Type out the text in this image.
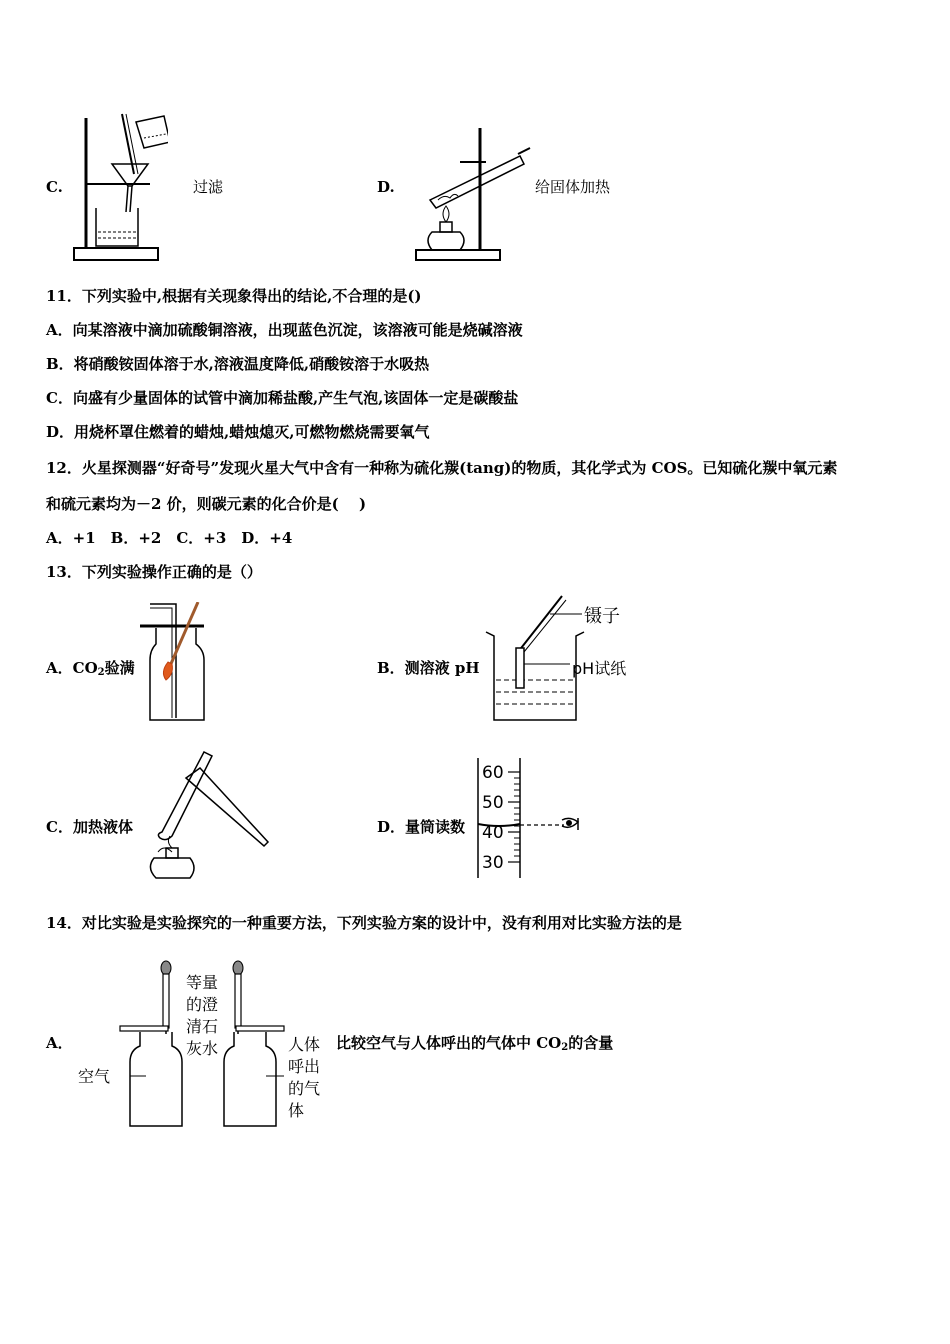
C.	过滤	D.	给固体加热
11．下列实验中,根据有关现象得出的结论,不合理的是()
A．向某溶液中滴加硫酸铜溶液，出现蓝色沉淀，该溶液可能是烧碱溶液
B．将硝酸铵固体溶于水,溶液温度降低,硝酸铵溶于水吸热
C．向盛有少量固体的试管中滴加稀盐酸,产生气泡,该固体一定是碳酸盐
D．用烧杯罩住燃着的蜡烛,蜡烛熄灭,可燃物燃烧需要氧气
12．火星探测器“好奇号”发现火星大气中含有一种称为硫化羰(tang)的物质，其化学式为 COS。已知硫化羰中氧元素
和硫元素均为－2 价，则碳元素的化合价是(　 )
A．+1　B．+2　C．+3　D．+4
13．下列实验操作正确的是（）
A．$CO_2$验满	B．测溶液 pH
镊子
pH试纸
C．加热液体	D．量筒读数
60
50
40
30
14．对比实验是实验探究的一种重要方法，下列实验方案的设计中，没有利用对比实验方法的是
A．
等量
的澄
清石
灰水
空气
人体
呼出
的气
体
比较空气与人体呼出的气体中 $CO_2$的含量
